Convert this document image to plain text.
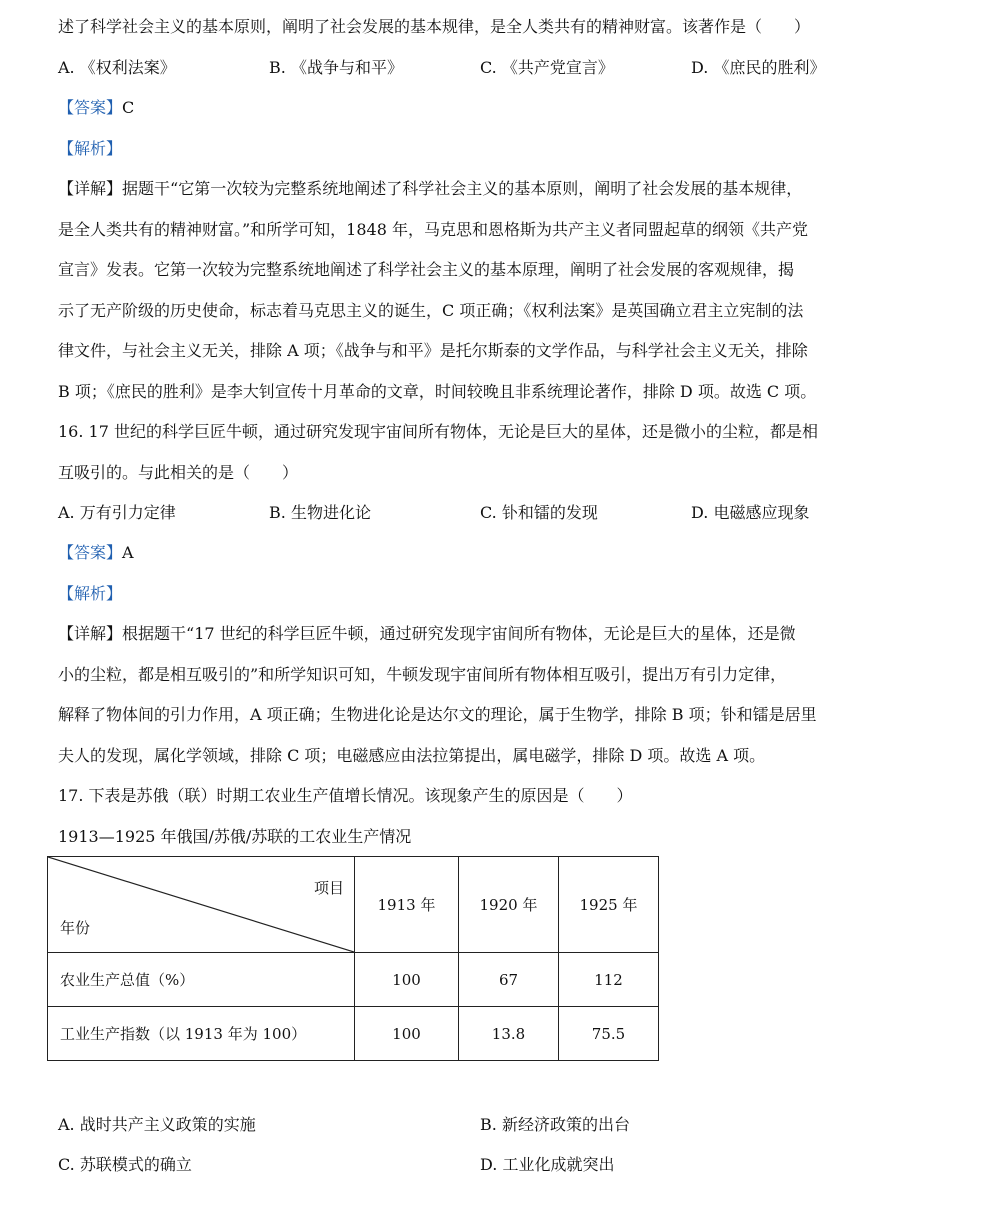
述了科学社会主义的基本原则，阐明了社会发展的基本规律，是全人类共有的精神财富。该著作是（　　）
A. 《权利法案》	B. 《战争与和平》	C. 《共产党宣言》	D. 《庶民的胜利》
【答案】C
【解析】
【详解】据题干“它第一次较为完整系统地阐述了科学社会主义的基本原则，阐明了社会发展的基本规律，
是全人类共有的精神财富。”和所学可知，1848 年，马克思和恩格斯为共产主义者同盟起草的纲领《共产党
宣言》发表。它第一次较为完整系统地阐述了科学社会主义的基本原理，阐明了社会发展的客观规律，揭
示了无产阶级的历史使命，标志着马克思主义的诞生，C 项正确；《权利法案》是英国确立君主立宪制的法
律文件，与社会主义无关，排除 A 项；《战争与和平》是托尔斯泰的文学作品，与科学社会主义无关，排除
B 项；《庶民的胜利》是李大钊宣传十月革命的文章，时间较晚且非系统理论著作，排除 D 项。故选 C 项。
16. 17 世纪的科学巨匠牛顿，通过研究发现宇宙间所有物体，无论是巨大的星体，还是微小的尘粒，都是相
互吸引的。与此相关的是（　　）
A. 万有引力定律	B. 生物进化论	C. 钋和镭的发现	D. 电磁感应现象
【答案】A
【解析】
【详解】根据题干“17 世纪的科学巨匠牛顿，通过研究发现宇宙间所有物体，无论是巨大的星体，还是微
小的尘粒，都是相互吸引的”和所学知识可知，牛顿发现宇宙间所有物体相互吸引，提出万有引力定律，
解释了物体间的引力作用，A 项正确；生物进化论是达尔文的理论，属于生物学，排除 B 项；钋和镭是居里
夫人的发现，属化学领域，排除 C 项；电磁感应由法拉第提出，属电磁学，排除 D 项。故选 A 项。
17. 下表是苏俄（联）时期工农业生产值增长情况。该现象产生的原因是（　　）
1913—1925 年俄国/苏俄/苏联的工农业生产情况
项目
年份	1913 年	1920 年	1925 年
农业生产总值（%）	100	67	112
工业生产指数（以 1913 年为 100）	100	13.8	75.5
A. 战时共产主义政策的实施	B. 新经济政策的出台
C. 苏联模式的确立	D. 工业化成就突出
